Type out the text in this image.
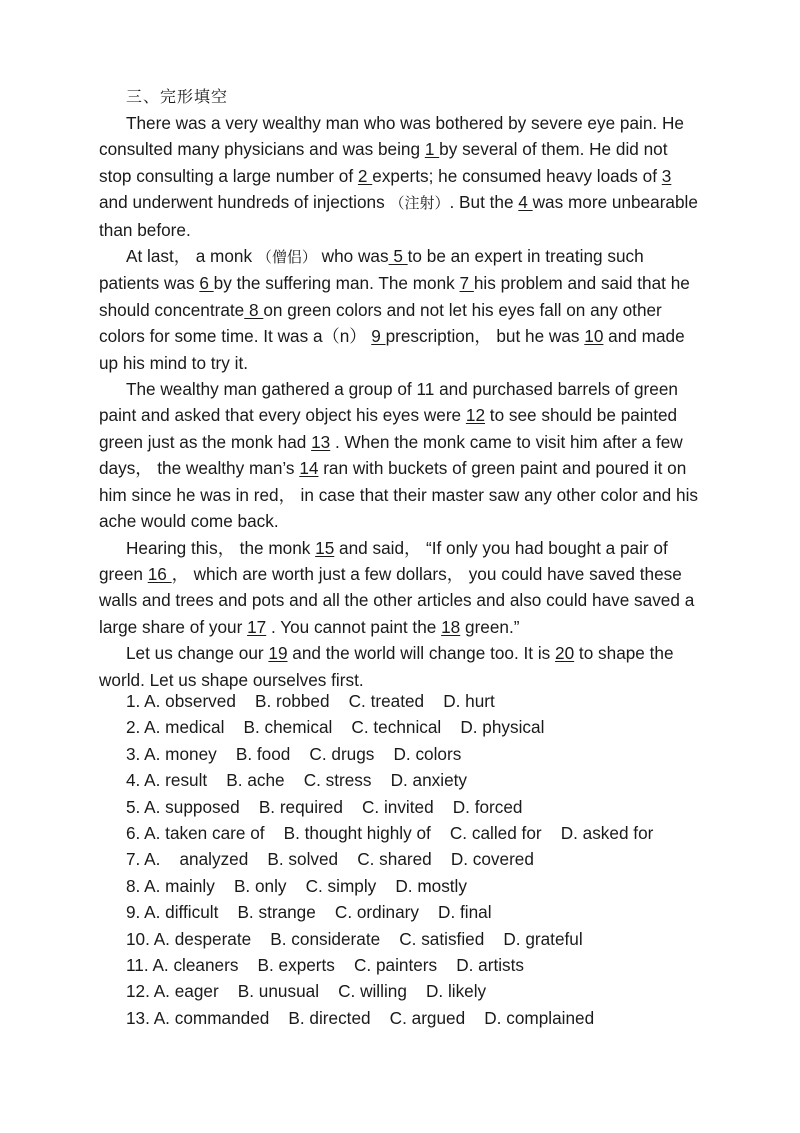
三、完形填空

There was a very wealthy man who was bothered by severe eye pain. He consulted many physicians and was being 1 by several of them. He did not stop consulting a large number of 2 experts; he consumed heavy loads of 3 and underwent hundreds of injections （注射）. But the 4 was more unbearable than before.

At last， a monk （僧侣） who was 5 to be an expert in treating such patients was 6 by the suffering man. The monk 7 his problem and said that he should concentrate 8 on green colors and not let his eyes fall on any other colors for some time. It was a（n） 9 prescription， but he was 10 and made up his mind to try it.

The wealthy man gathered a group of 11 and purchased barrels of green paint and asked that every object his eyes were 12 to see should be painted green just as the monk had 13 . When the monk came to visit him after a few days， the wealthy man’s 14 ran with buckets of green paint and poured it on him since he was in red， in case that their master saw any other color and his ache would come back.

Hearing this， the monk 15 and said， “If only you had bought a pair of green 16 ， which are worth just a few dollars， you could have saved these walls and trees and pots and all the other articles and also could have saved a large share of your 17 . You cannot paint the 18 green.”

Let us change our 19 and the world will change too. It is 20 to shape the world. Let us shape ourselves first.

1. A. observed    B. robbed    C. treated    D. hurt
2. A. medical    B. chemical    C. technical    D. physical
3. A. money    B. food    C. drugs    D. colors
4. A. result    B. ache    C. stress    D. anxiety
5. A. supposed    B. required    C. invited    D. forced
6. A. taken care of    B. thought highly of    C. called for    D. asked for
7. A.    analyzed    B. solved    C. shared    D. covered
8. A. mainly    B. only    C. simply    D. mostly
9. A. difficult    B. strange    C. ordinary    D. final
10. A. desperate    B. considerate    C. satisfied    D. grateful
11. A. cleaners    B. experts    C. painters    D. artists
12. A. eager    B. unusual    C. willing    D. likely
13. A. commanded    B. directed    C. argued    D. complained
